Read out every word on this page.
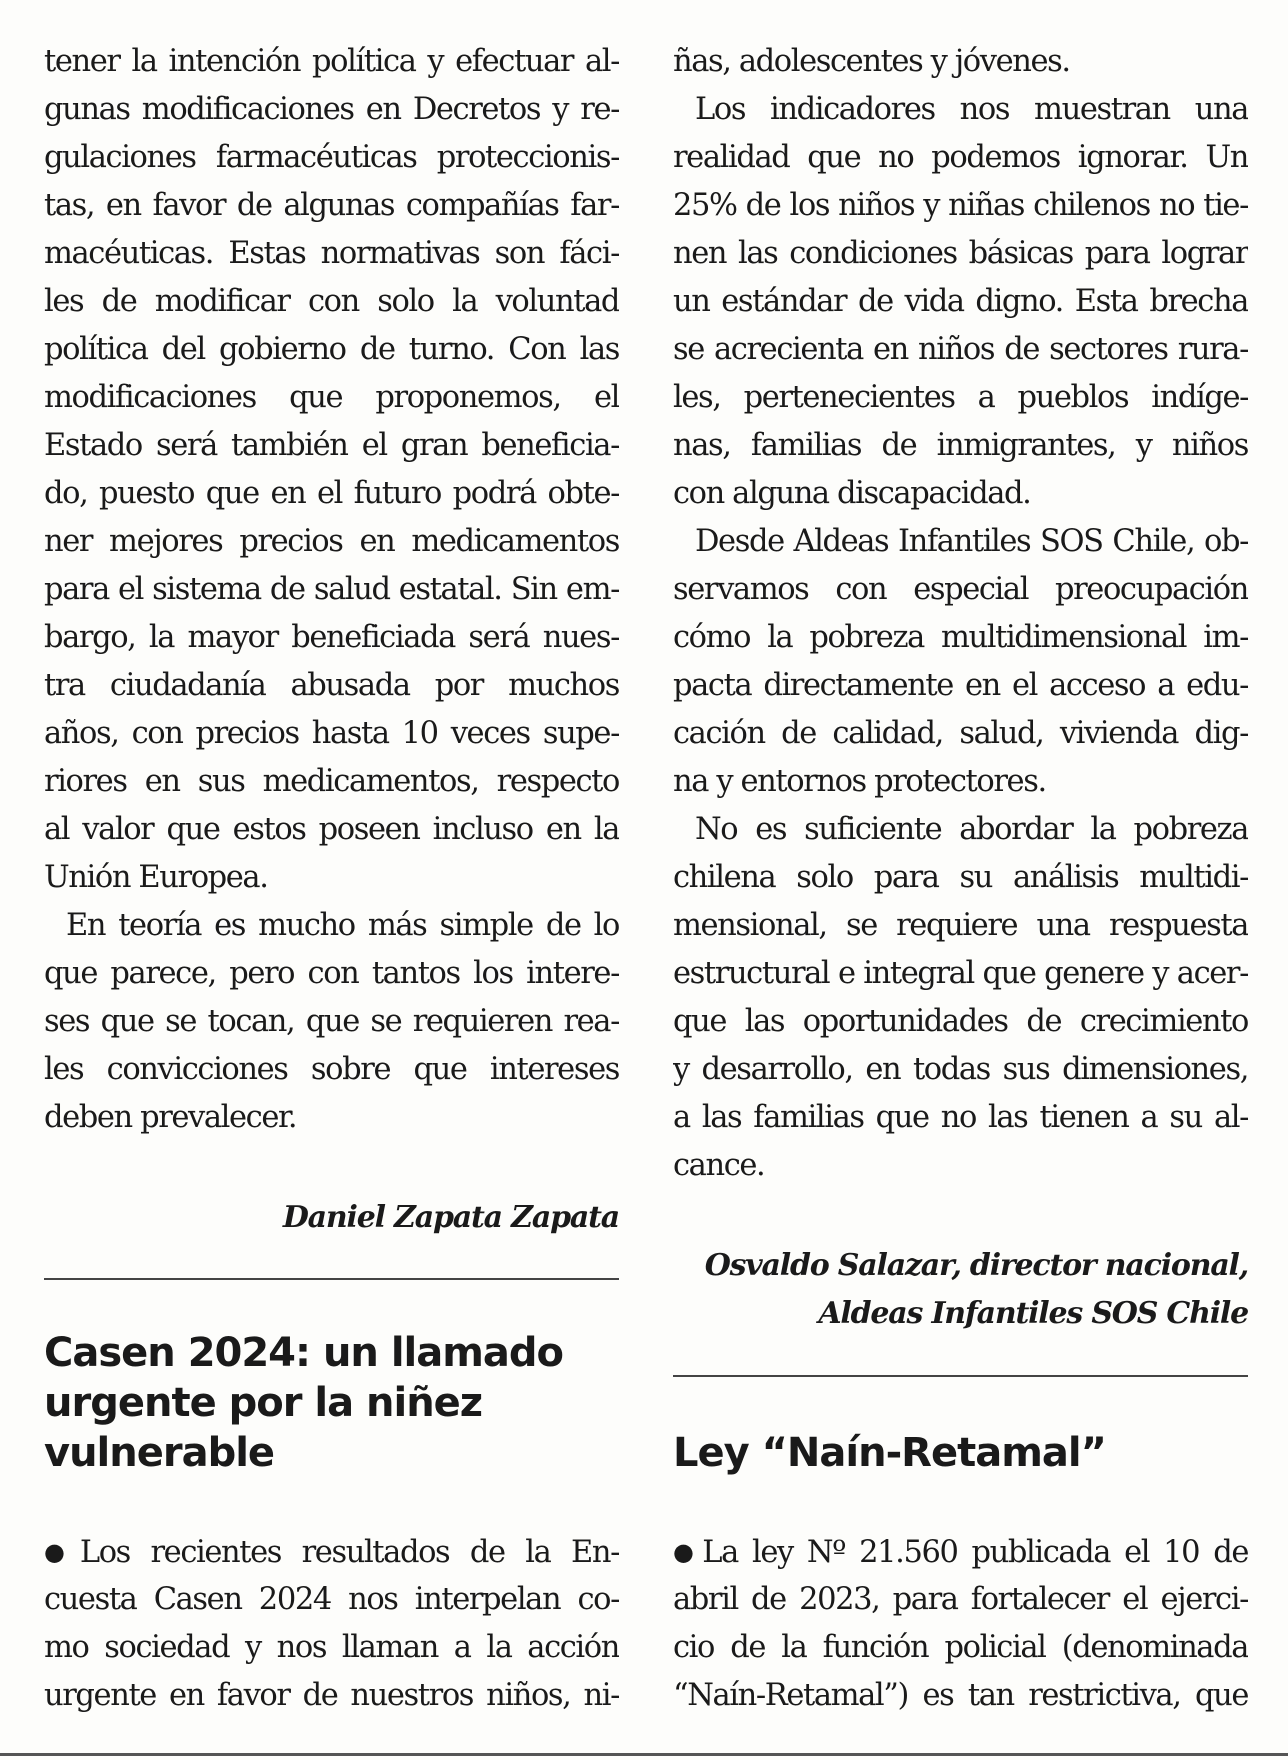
tener la intención política y efectuar al-
gunas modificaciones en Decretos y re-
gulaciones farmacéuticas proteccionis-
tas, en favor de algunas compañías far-
macéuticas. Estas normativas son fáci-
les de modificar con solo la voluntad
política del gobierno de turno. Con las
modificaciones que proponemos, el
Estado será también el gran beneficia-
do, puesto que en el futuro podrá obte-
ner mejores precios en medicamentos
para el sistema de salud estatal. Sin em-
bargo, la mayor beneficiada será nues-
tra ciudadanía abusada por muchos
años, con precios hasta 10 veces supe-
riores en sus medicamentos, respecto
al valor que estos poseen incluso en la
Unión Europea.
En teoría es mucho más simple de lo
que parece, pero con tantos los intere-
ses que se tocan, que se requieren rea-
les convicciones sobre que intereses
deben prevalecer.
Daniel Zapata Zapata
Casen 2024: un llamado
urgente por la niñez
vulnerable
● Los recientes resultados de la En-
cuesta Casen 2024 nos interpelan co-
mo sociedad y nos llaman a la acción
urgente en favor de nuestros niños, ni-
ñas, adolescentes y jóvenes.
Los indicadores nos muestran una
realidad que no podemos ignorar. Un
25% de los niños y niñas chilenos no tie-
nen las condiciones básicas para lograr
un estándar de vida digno. Esta brecha
se acrecienta en niños de sectores rura-
les, pertenecientes a pueblos indíge-
nas, familias de inmigrantes, y niños
con alguna discapacidad.
Desde Aldeas Infantiles SOS Chile, ob-
servamos con especial preocupación
cómo la pobreza multidimensional im-
pacta directamente en el acceso a edu-
cación de calidad, salud, vivienda dig-
na y entornos protectores.
No es suficiente abordar la pobreza
chilena solo para su análisis multidi-
mensional, se requiere una respuesta
estructural e integral que genere y acer-
que las oportunidades de crecimiento
y desarrollo, en todas sus dimensiones,
a las familias que no las tienen a su al-
cance.
Osvaldo Salazar, director nacional,
Aldeas Infantiles SOS Chile
Ley “Naín-Retamal”
● La ley Nº 21.560 publicada el 10 de
abril de 2023, para fortalecer el ejerci-
cio de la función policial (denominada
“Naín-Retamal”) es tan restrictiva, que
